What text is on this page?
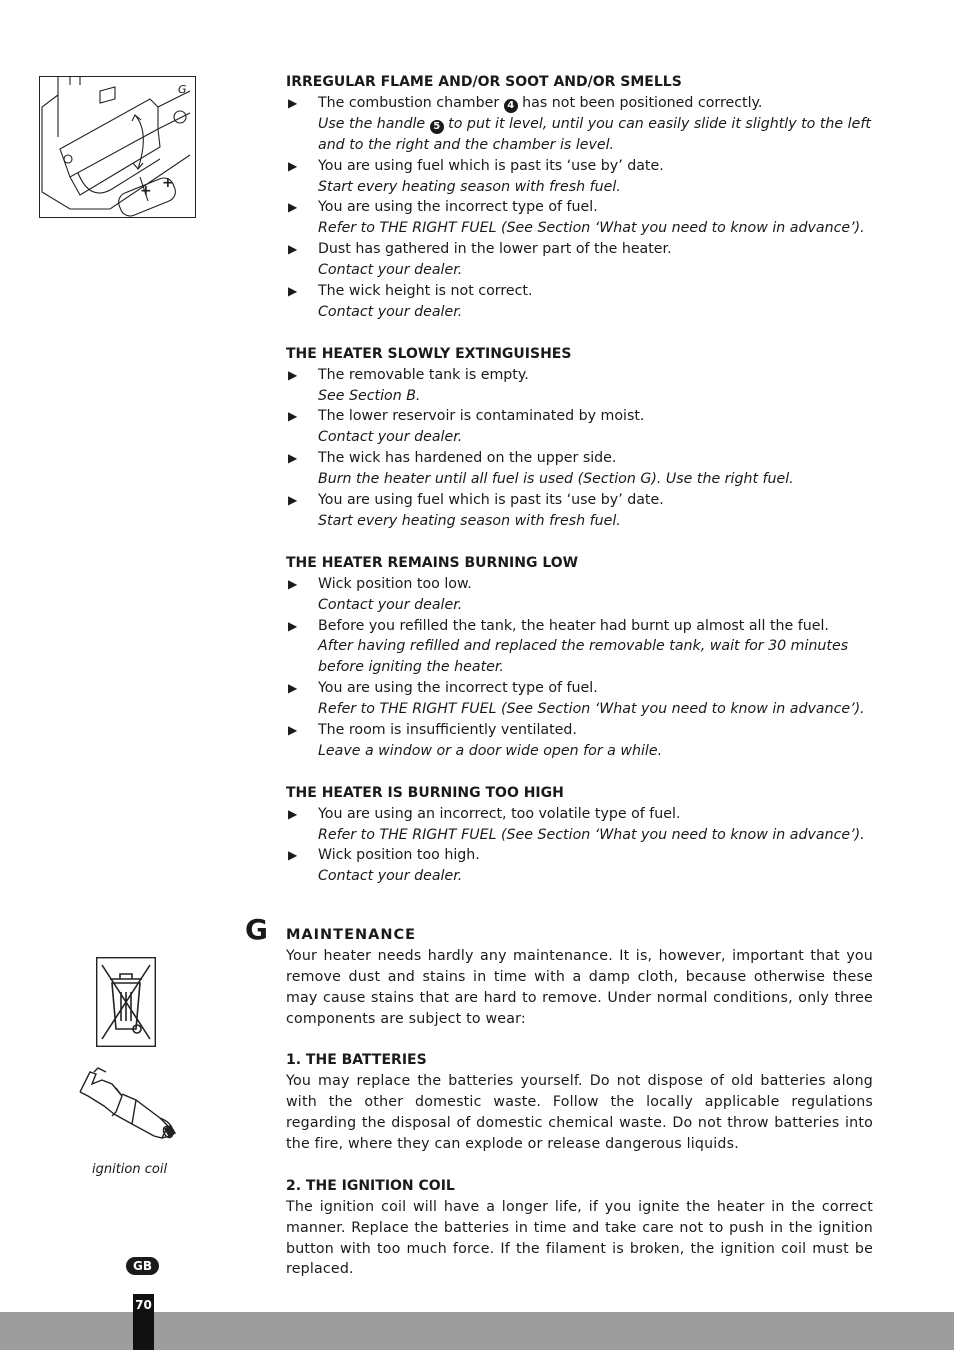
+ +
G	IRREGULAR FLAME AND/OR SOOT AND/OR SMELLS

▶ The combustion chamber 4 has not been positioned correctly.
Use the handle 5 to put it level, until you can easily slide it slightly to the left and to the right and the chamber is level.
▶ You are using fuel which is past its ‘use by’ date.
Start every heating season with fresh fuel.
▶ You are using the incorrect type of fuel.
Refer to THE RIGHT FUEL (See Section ‘What you need to know in advance’).
▶ Dust has gathered in the lower part of the heater.
Contact your dealer.
▶ The wick height is not correct.
Contact your dealer.

THE HEATER SLOWLY EXTINGUISHES

▶ The removable tank is empty.
See Section B.
▶ The lower reservoir is contaminated by moist.
Contact your dealer.
▶ The wick has hardened on the upper side.
Burn the heater until all fuel is used (Section G). Use the right fuel.
▶ You are using fuel which is past its ‘use by’ date.
Start every heating season with fresh fuel.

THE HEATER REMAINS BURNING LOW

▶ Wick position too low.
Contact your dealer.
▶ Before you refilled the tank, the heater had burnt up almost all the fuel.
After having refilled and replaced the removable tank, wait for 30 minutes before igniting the heater.
▶ You are using the incorrect type of fuel.
Refer to THE RIGHT FUEL (See Section ‘What you need to know in advance’).
▶ The room is insufficiently ventilated.
Leave a window or a door wide open for a while.

THE HEATER IS BURNING TOO HIGH

▶ You are using an incorrect, too volatile type of fuel.
Refer to THE RIGHT FUEL (See Section ‘What you need to know in advance’).
▶ Wick position too high.
Contact your dealer.
G MAINTENANCE

Your heater needs hardly any maintenance. It is, however, important that you remove dust and stains in time with a damp cloth, because otherwise these may cause stains that are hard to remove. Under normal conditions, only three components are subject to wear:

1. THE BATTERIES

You may replace the batteries yourself. Do not dispose of old batteries along with the other domestic waste. Follow the locally applicable regulations regarding the disposal of domestic chemical waste. Do not throw batteries into the fire, where they can explode or release dangerous liquids.

2. THE IGNITION COIL

The ignition coil will have a longer life, if you ignite the heater in the correct manner. Replace the batteries in time and take care not to push in the ignition button with too much force. If the filament is broken, the ignition coil must be replaced.

ignition coil
GB
70
